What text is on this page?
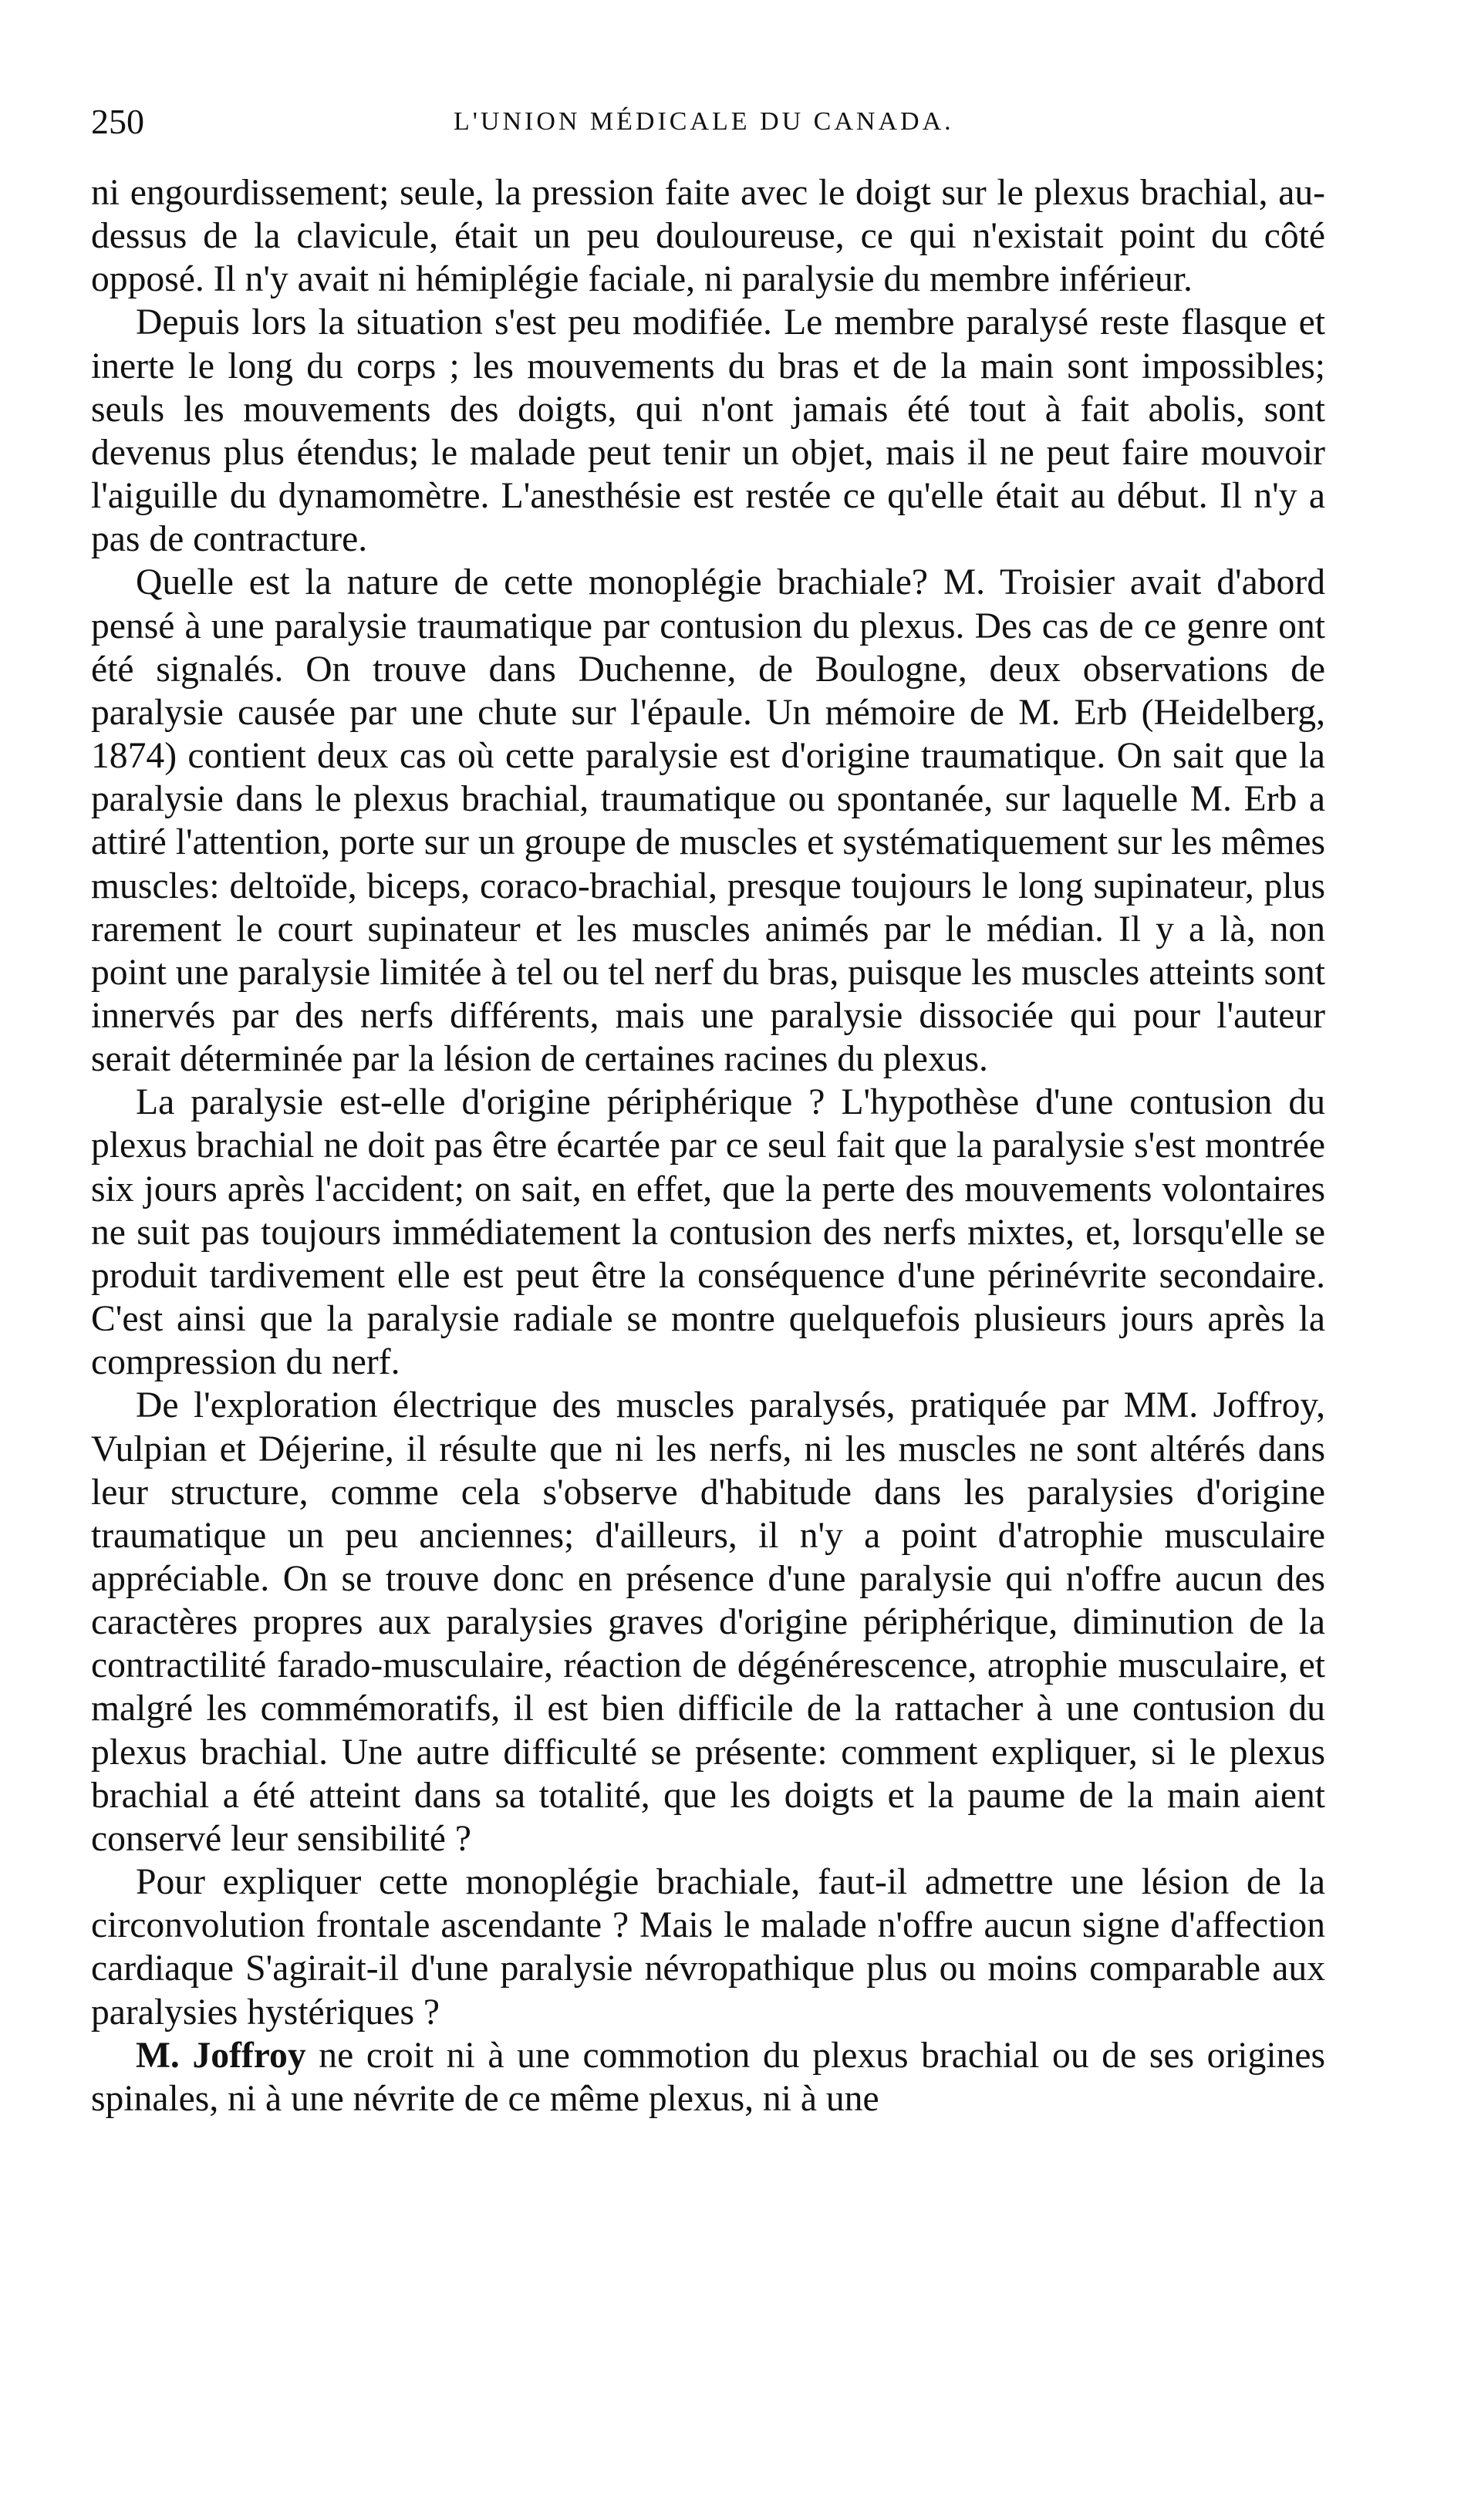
250	L'UNION MÉDICALE DU CANADA.

ni engourdissement; seule, la pression faite avec le doigt sur le plexus brachial, au-dessus de la clavicule, était un peu douloureuse, ce qui n'existait point du côté opposé. Il n'y avait ni hémiplégie faciale, ni paralysie du membre inférieur.

Depuis lors la situation s'est peu modifiée. Le membre paralysé reste flasque et inerte le long du corps ; les mouvements du bras et de la main sont impossibles; seuls les mouvements des doigts, qui n'ont jamais été tout à fait abolis, sont devenus plus étendus; le malade peut tenir un objet, mais il ne peut faire mouvoir l'aiguille du dynamomètre. L'anesthésie est restée ce qu'elle était au début. Il n'y a pas de contracture.

Quelle est la nature de cette monoplégie brachiale? M. Troisier avait d'abord pensé à une paralysie traumatique par contusion du plexus. Des cas de ce genre ont été signalés. On trouve dans Duchenne, de Boulogne, deux observations de paralysie causée par une chute sur l'épaule. Un mémoire de M. Erb (Heidelberg, 1874) contient deux cas où cette paralysie est d'origine traumatique. On sait que la paralysie dans le plexus brachial, traumatique ou spontanée, sur laquelle M. Erb a attiré l'attention, porte sur un groupe de muscles et systématiquement sur les mêmes muscles: deltoïde, biceps, coraco-brachial, presque toujours le long supinateur, plus rarement le court supinateur et les muscles animés par le médian. Il y a là, non point une paralysie limitée à tel ou tel nerf du bras, puisque les muscles atteints sont innervés par des nerfs différents, mais une paralysie dissociée qui pour l'auteur serait déterminée par la lésion de certaines racines du plexus.

La paralysie est-elle d'origine périphérique ? L'hypothèse d'une contusion du plexus brachial ne doit pas être écartée par ce seul fait que la paralysie s'est montrée six jours après l'accident; on sait, en effet, que la perte des mouvements volontaires ne suit pas toujours immédiatement la contusion des nerfs mixtes, et, lorsqu'elle se produit tardivement elle est peut être la conséquence d'une périnévrite secondaire. C'est ainsi que la paralysie radiale se montre quelquefois plusieurs jours après la compression du nerf.

De l'exploration électrique des muscles paralysés, pratiquée par MM. Joffroy, Vulpian et Déjerine, il résulte que ni les nerfs, ni les muscles ne sont altérés dans leur structure, comme cela s'observe d'habitude dans les paralysies d'origine traumatique un peu anciennes; d'ailleurs, il n'y a point d'atrophie musculaire appréciable. On se trouve donc en présence d'une paralysie qui n'offre aucun des caractères propres aux paralysies graves d'origine périphérique, diminution de la contractilité farado-musculaire, réaction de dégénérescence, atrophie musculaire, et malgré les commémoratifs, il est bien difficile de la rattacher à une contusion du plexus brachial. Une autre difficulté se présente: comment expliquer, si le plexus brachial a été atteint dans sa totalité, que les doigts et la paume de la main aient conservé leur sensibilité ?

Pour expliquer cette monoplégie brachiale, faut-il admettre une lésion de la circonvolution frontale ascendante ? Mais le malade n'offre aucun signe d'affection cardiaque S'agirait-il d'une paralysie névropathique plus ou moins comparable aux paralysies hystériques ?

M. Joffroy ne croit ni à une commotion du plexus brachial ou de ses origines spinales, ni à une névrite de ce même plexus, ni à une
